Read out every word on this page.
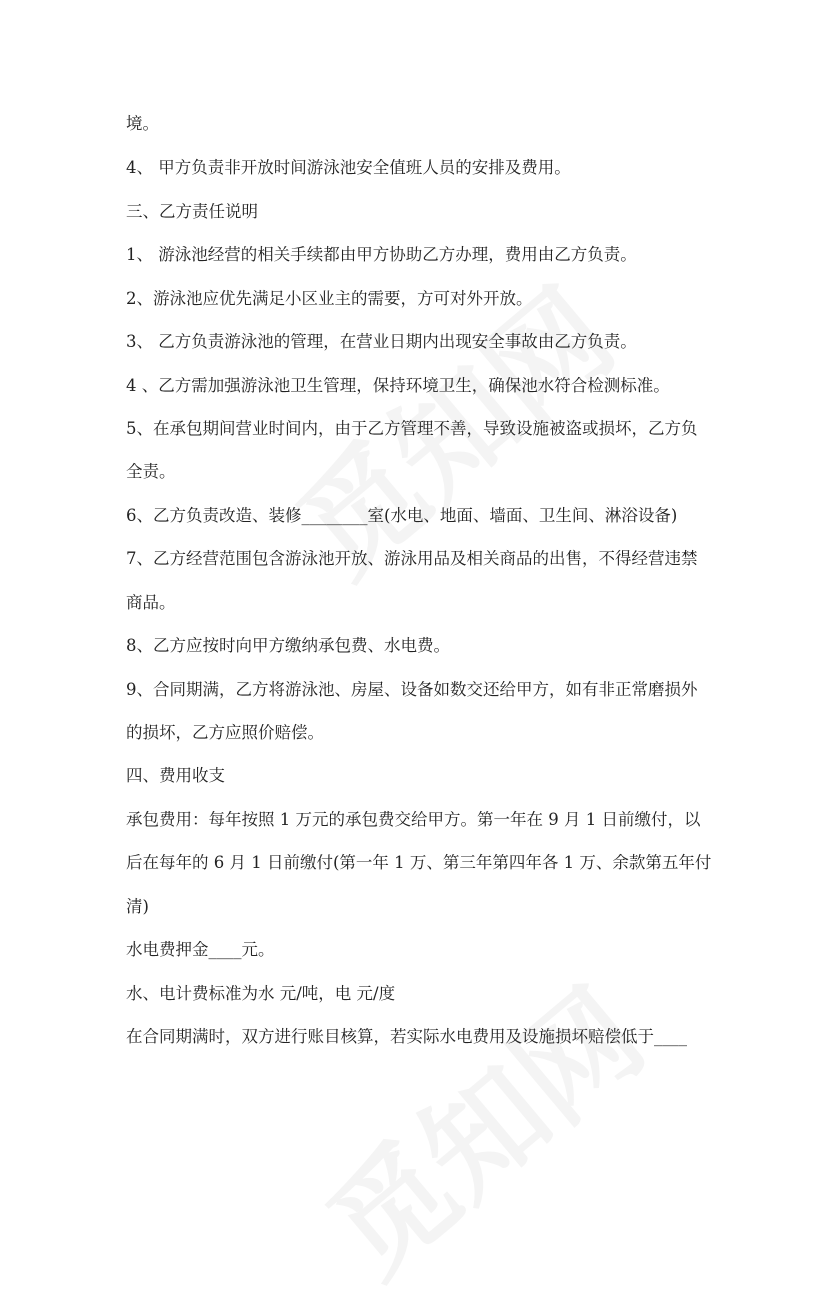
境。
4、 甲方负责非开放时间游泳池安全值班人员的安排及费用。
三、乙方责任说明
1、 游泳池经营的相关手续都由甲方协助乙方办理，费用由乙方负责。
2、游泳池应优先满足小区业主的需要，方可对外开放。
3、 乙方负责游泳池的管理，在营业日期内出现安全事故由乙方负责。
4 、乙方需加强游泳池卫生管理，保持环境卫生，确保池水符合检测标准。
5、在承包期间营业时间内，由于乙方管理不善，导致设施被盗或损坏，乙方负
全责。
6、乙方负责改造、装修________室(水电、地面、墙面、卫生间、淋浴设备)
7、乙方经营范围包含游泳池开放、游泳用品及相关商品的出售，不得经营违禁
商品。
8、乙方应按时向甲方缴纳承包费、水电费。
9、合同期满，乙方将游泳池、房屋、设备如数交还给甲方，如有非正常磨损外
的损坏，乙方应照价赔偿。
四、费用收支
承包费用：每年按照 1 万元的承包费交给甲方。第一年在 9 月 1 日前缴付，以
后在每年的 6 月 1 日前缴付(第一年 1 万、第三年第四年各 1 万、余款第五年付
清)
水电费押金____元。
水、电计费标准为水 元/吨，电 元/度
在合同期满时，双方进行账目核算，若实际水电费用及设施损坏赔偿低于____
